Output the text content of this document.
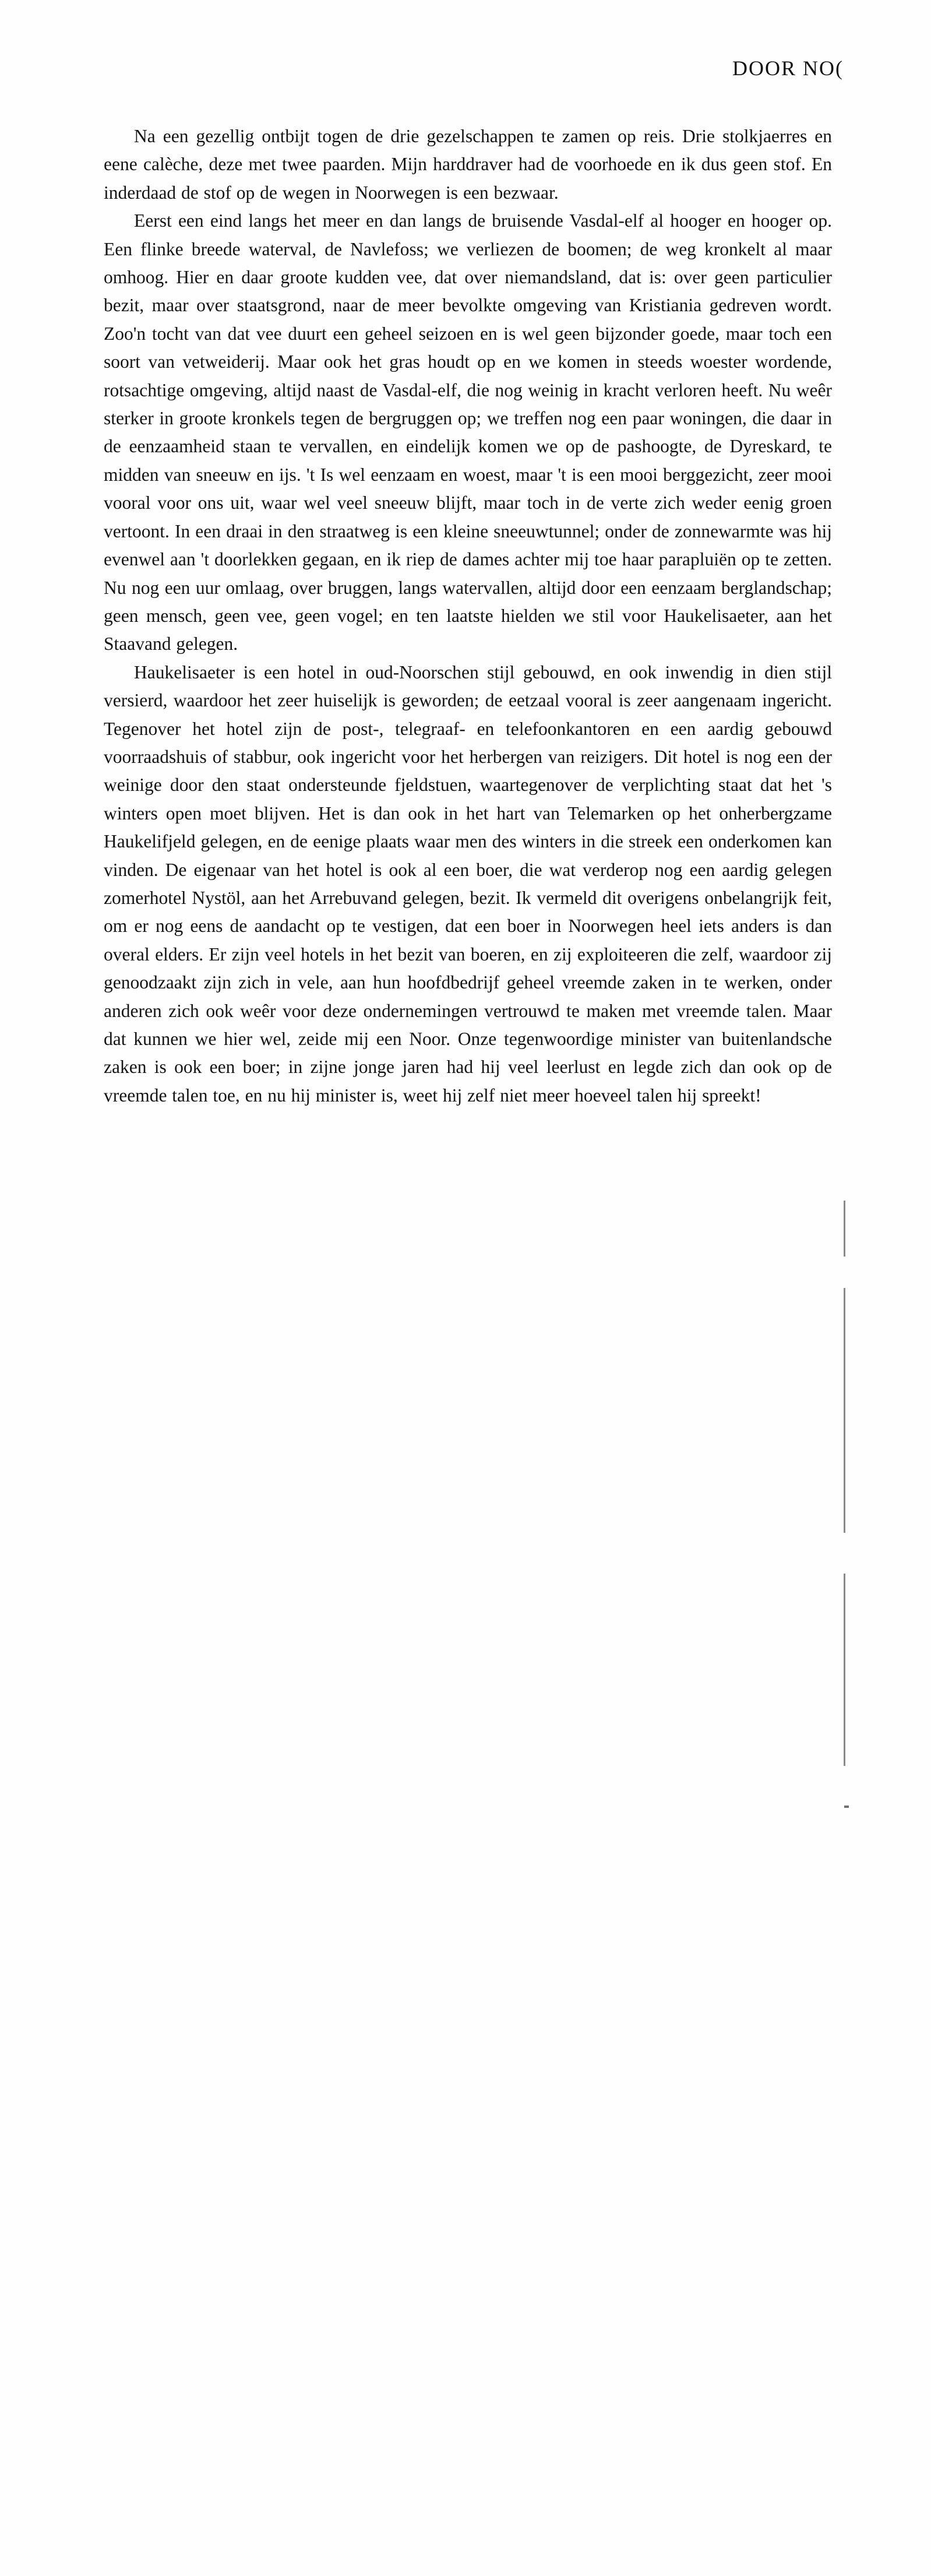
DOOR NO(

Na een gezellig ontbijt togen de drie gezelschappen te zamen op reis. Drie stolkjaerres en eene calèche, deze met twee paarden. Mijn harddraver had de voorhoede en ik dus geen stof. En inderdaad de stof op de wegen in Noorwegen is een bezwaar.

Eerst een eind langs het meer en dan langs de bruisende Vasdal-elf al hooger en hooger op. Een flinke breede waterval, de Navlefoss; we verliezen de boomen; de weg kronkelt al maar omhoog. Hier en daar groote kudden vee, dat over niemandsland, dat is: over geen particulier bezit, maar over staatsgrond, naar de meer bevolkte omgeving van Kristiania gedreven wordt. Zoo'n tocht van dat vee duurt een geheel seizoen en is wel geen bijzonder goede, maar toch een soort van vetweiderij. Maar ook het gras houdt op en we komen in steeds woester wordende, rotsachtige omgeving, altijd naast de Vasdal-elf, die nog weinig in kracht verloren heeft. Nu weêr sterker in groote kronkels tegen de bergruggen op; we treffen nog een paar woningen, die daar in de eenzaamheid staan te vervallen, en eindelijk komen we op de pashoogte, de Dyreskard, te midden van sneeuw en ijs. 't Is wel eenzaam en woest, maar 't is een mooi berggezicht, zeer mooi vooral voor ons uit, waar wel veel sneeuw blijft, maar toch in de verte zich weder eenig groen vertoont. In een draai in den straatweg is een kleine sneeuwtunnel; onder de zonnewarmte was hij evenwel aan 't doorlekken gegaan, en ik riep de dames achter mij toe haar parapluiën op te zetten. Nu nog een uur omlaag, over bruggen, langs watervallen, altijd door een eenzaam berglandschap; geen mensch, geen vee, geen vogel; en ten laatste hielden we stil voor Haukelisaeter, aan het Staavand gelegen.

Haukelisaeter is een hotel in oud-Noorschen stijl gebouwd, en ook inwendig in dien stijl versierd, waardoor het zeer huiselijk is geworden; de eetzaal vooral is zeer aangenaam ingericht. Tegenover het hotel zijn de post-, telegraaf- en telefoonkantoren en een aardig gebouwd voorraadshuis of stabbur, ook ingericht voor het herbergen van reizigers. Dit hotel is nog een der weinige door den staat ondersteunde fjeldstuen, waartegenover de verplichting staat dat het 's winters open moet blijven. Het is dan ook in het hart van Telemarken op het onherbergzame Haukelifjeld gelegen, en de eenige plaats waar men des winters in die streek een onderkomen kan vinden. De eigenaar van het hotel is ook al een boer, die wat verderop nog een aardig gelegen zomerhotel Nystöl, aan het Arrebuvand gelegen, bezit. Ik vermeld dit overigens onbelangrijk feit, om er nog eens de aandacht op te vestigen, dat een boer in Noorwegen heel iets anders is dan overal elders. Er zijn veel hotels in het bezit van boeren, en zij exploiteeren die zelf, waardoor zij genoodzaakt zijn zich in vele, aan hun hoofdbedrijf geheel vreemde zaken in te werken, onder anderen zich ook weêr voor deze ondernemingen vertrouwd te maken met vreemde talen. Maar dat kunnen we hier wel, zeide mij een Noor. Onze tegenwoordige minister van buitenlandsche zaken is ook een boer; in zijne jonge jaren had hij veel leerlust en legde zich dan ook op de vreemde talen toe, en nu hij minister is, weet hij zelf niet meer hoeveel talen hij spreekt!
